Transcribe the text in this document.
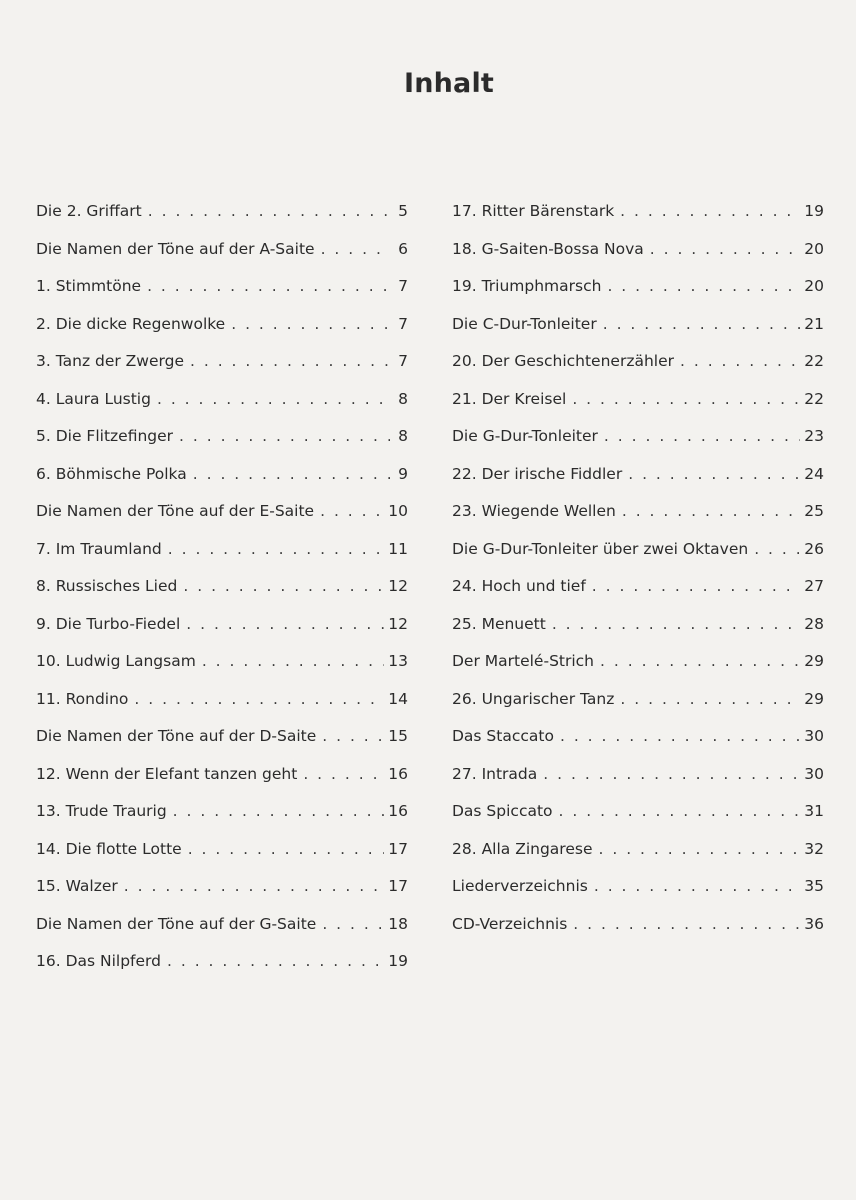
Inhalt
Die 2. Griffart . . .	5
Die Namen der Töne auf der A-Saite . . .	6
1. Stimmtöne . . .	7
2. Die dicke Regenwolke . . .	7
3. Tanz der Zwerge . . .	7
4. Laura Lustig . . .	8
5. Die Flitzefinger . . .	8
6. Böhmische Polka . . .	9
Die Namen der Töne auf der E-Saite . . .	10
7. Im Traumland . . .	11
8. Russisches Lied . . .	12
9. Die Turbo-Fiedel . . .	12
10. Ludwig Langsam . . .	13
11. Rondino . . .	14
Die Namen der Töne auf der D-Saite . . .	15
12. Wenn der Elefant tanzen geht . . .	16
13. Trude Traurig . . .	16
14. Die flotte Lotte . . .	17
15. Walzer . . .	17
Die Namen der Töne auf der G-Saite . . .	18
16. Das Nilpferd . . .	19
17. Ritter Bärenstark . . .	19
18. G-Saiten-Bossa Nova . . .	20
19. Triumphmarsch . . .	20
Die C-Dur-Tonleiter . . .	21
20. Der Geschichtenerzähler . . .	22
21. Der Kreisel . . .	22
Die G-Dur-Tonleiter . . .	23
22. Der irische Fiddler . . .	24
23. Wiegende Wellen . . .	25
Die G-Dur-Tonleiter über zwei Oktaven . . .	26
24. Hoch und tief . . .	27
25. Menuett . . .	28
Der Martelé-Strich . . .	29
26. Ungarischer Tanz . . .	29
Das Staccato . . .	30
27. Intrada . . .	30
Das Spiccato . . .	31
28. Alla Zingarese . . .	32
Liederverzeichnis . . .	35
CD-Verzeichnis . . .	36
